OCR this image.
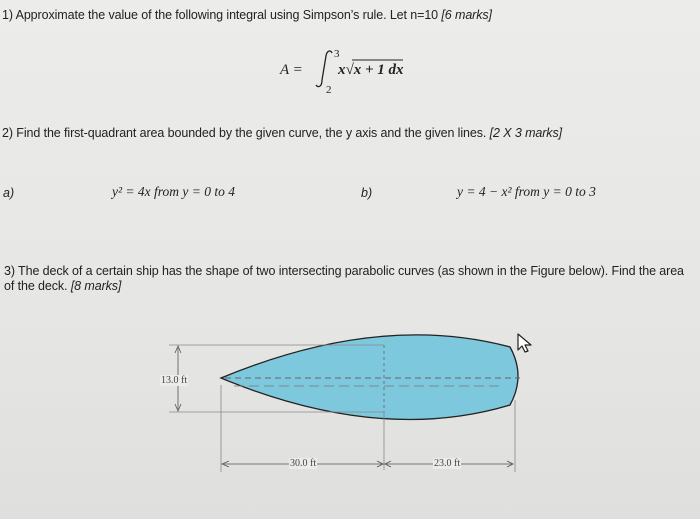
1) Approximate the value of the following integral using Simpson’s rule. Let n=10 [6 marks]
A =
3
2
x√x + 1 dx
2) Find the first-quadrant area bounded by the given curve, the y axis and the given lines. [2 X 3 marks]
a)	y² = 4x from y = 0 to 4	b)	y = 4 − x² from y = 0 to 3
3) The deck of a certain ship has the shape of two intersecting parabolic curves (as shown in the Figure below). Find the area of the deck. [8 marks]
13.0 ft
30.0 ft	23.0 ft
